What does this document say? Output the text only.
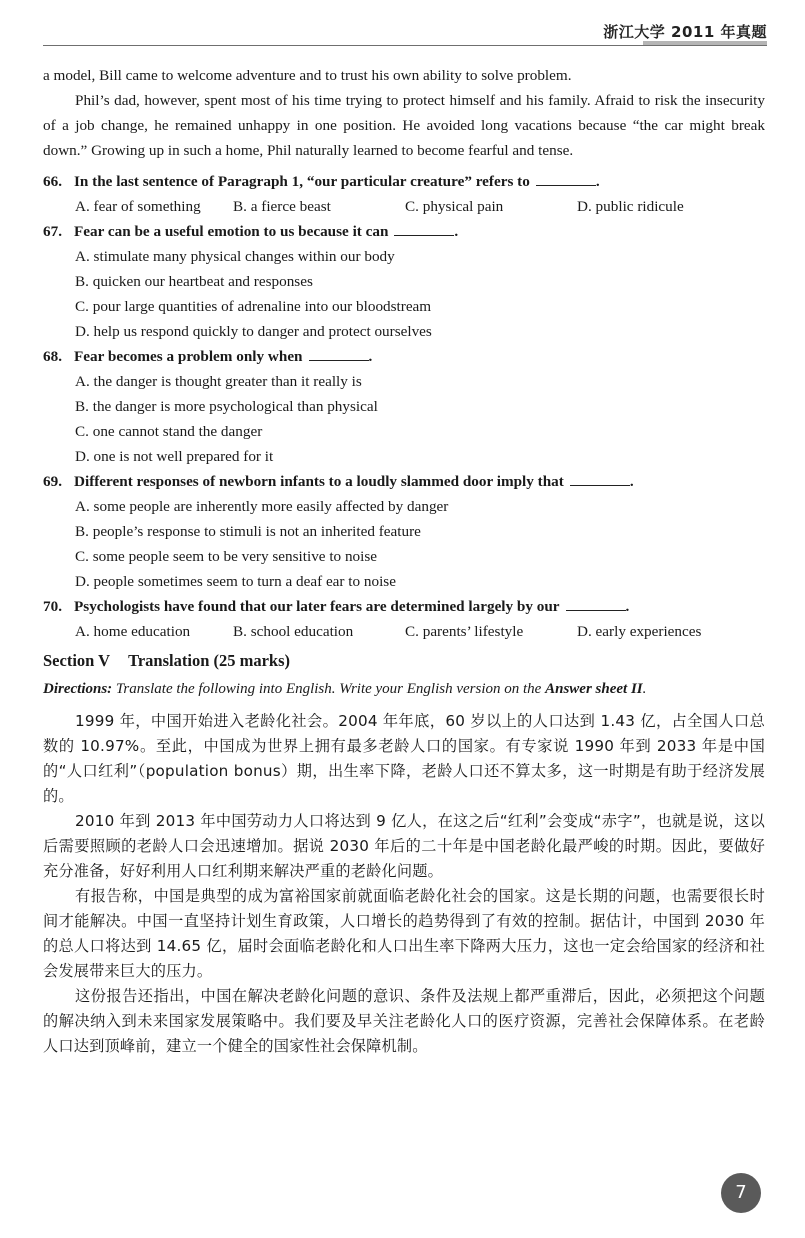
浙江大学 2011 年真题

a model, Bill came to welcome adventure and to trust his own ability to solve problem.

Phil’s dad, however, spent most of his time trying to protect himself and his family. Afraid to risk the insecurity of a job change, he remained unhappy in one position. He avoided long vacations because “the car might break down.” Growing up in such a home, Phil naturally learned to become fearful and tense.

66. In the last sentence of Paragraph 1, “our particular creature” refers to	.

A. fear of something B. a fierce beast	C. physical pain	D. public ridicule

67. Fear can be a useful emotion to us because it can	.

A. stimulate many physical changes within our body

B. quicken our heartbeat and responses

C. pour large quantities of adrenaline into our bloodstream

D. help us respond quickly to danger and protect ourselves

68. Fear becomes a problem only when	.

A. the danger is thought greater than it really is

B. the danger is more psychological than physical

C. one cannot stand the danger

D. one is not well prepared for it

69. Different responses of newborn infants to a loudly slammed door imply that	.

A. some people are inherently more easily affected by danger

B. people’s response to stimuli is not an inherited feature

C. some people seem to be very sensitive to noise

D. people sometimes seem to turn a deaf ear to noise

70. Psychologists have found that our later fears are determined largely by our	.

A. home education	B. school education	C. parents’ lifestyle	D. early experiences

Section V Translation (25 marks)

Directions: Translate the following into English. Write your English version on the Answer sheet II.

1999 年，中国开始进入老龄化社会。2004 年年底，60 岁以上的人口达到 1.43 亿，占全国人口总数的 10.97%。至此，中国成为世界上拥有最多老龄人口的国家。有专家说 1990 年到 2033 年是中国的“人口红利”（population bonus）期，出生率下降，老龄人口还不算太多，这一时期是有助于经济发展的。

2010 年到 2013 年中国劳动力人口将达到 9 亿人，在这之后“红利”会变成“赤字”，也就是说，这以后需要照顾的老龄人口会迅速增加。据说 2030 年后的二十年是中国老龄化最严峻的时期。因此，要做好充分准备，好好利用人口红利期来解决严重的老龄化问题。

有报告称，中国是典型的成为富裕国家前就面临老龄化社会的国家。这是长期的问题，也需要很长时间才能解决。中国一直坚持计划生育政策，人口增长的趋势得到了有效的控制。据估计，中国到 2030 年的总人口将达到 14.65 亿，届时会面临老龄化和人口出生率下降两大压力，这也一定会给国家的经济和社会发展带来巨大的压力。

这份报告还指出，中国在解决老龄化问题的意识、条件及法规上都严重滞后，因此，必须把这个问题的解决纳入到未来国家发展策略中。我们要及早关注老龄化人口的医疗资源，完善社会保障体系。在老龄人口达到顶峰前，建立一个健全的国家性社会保障机制。

7
